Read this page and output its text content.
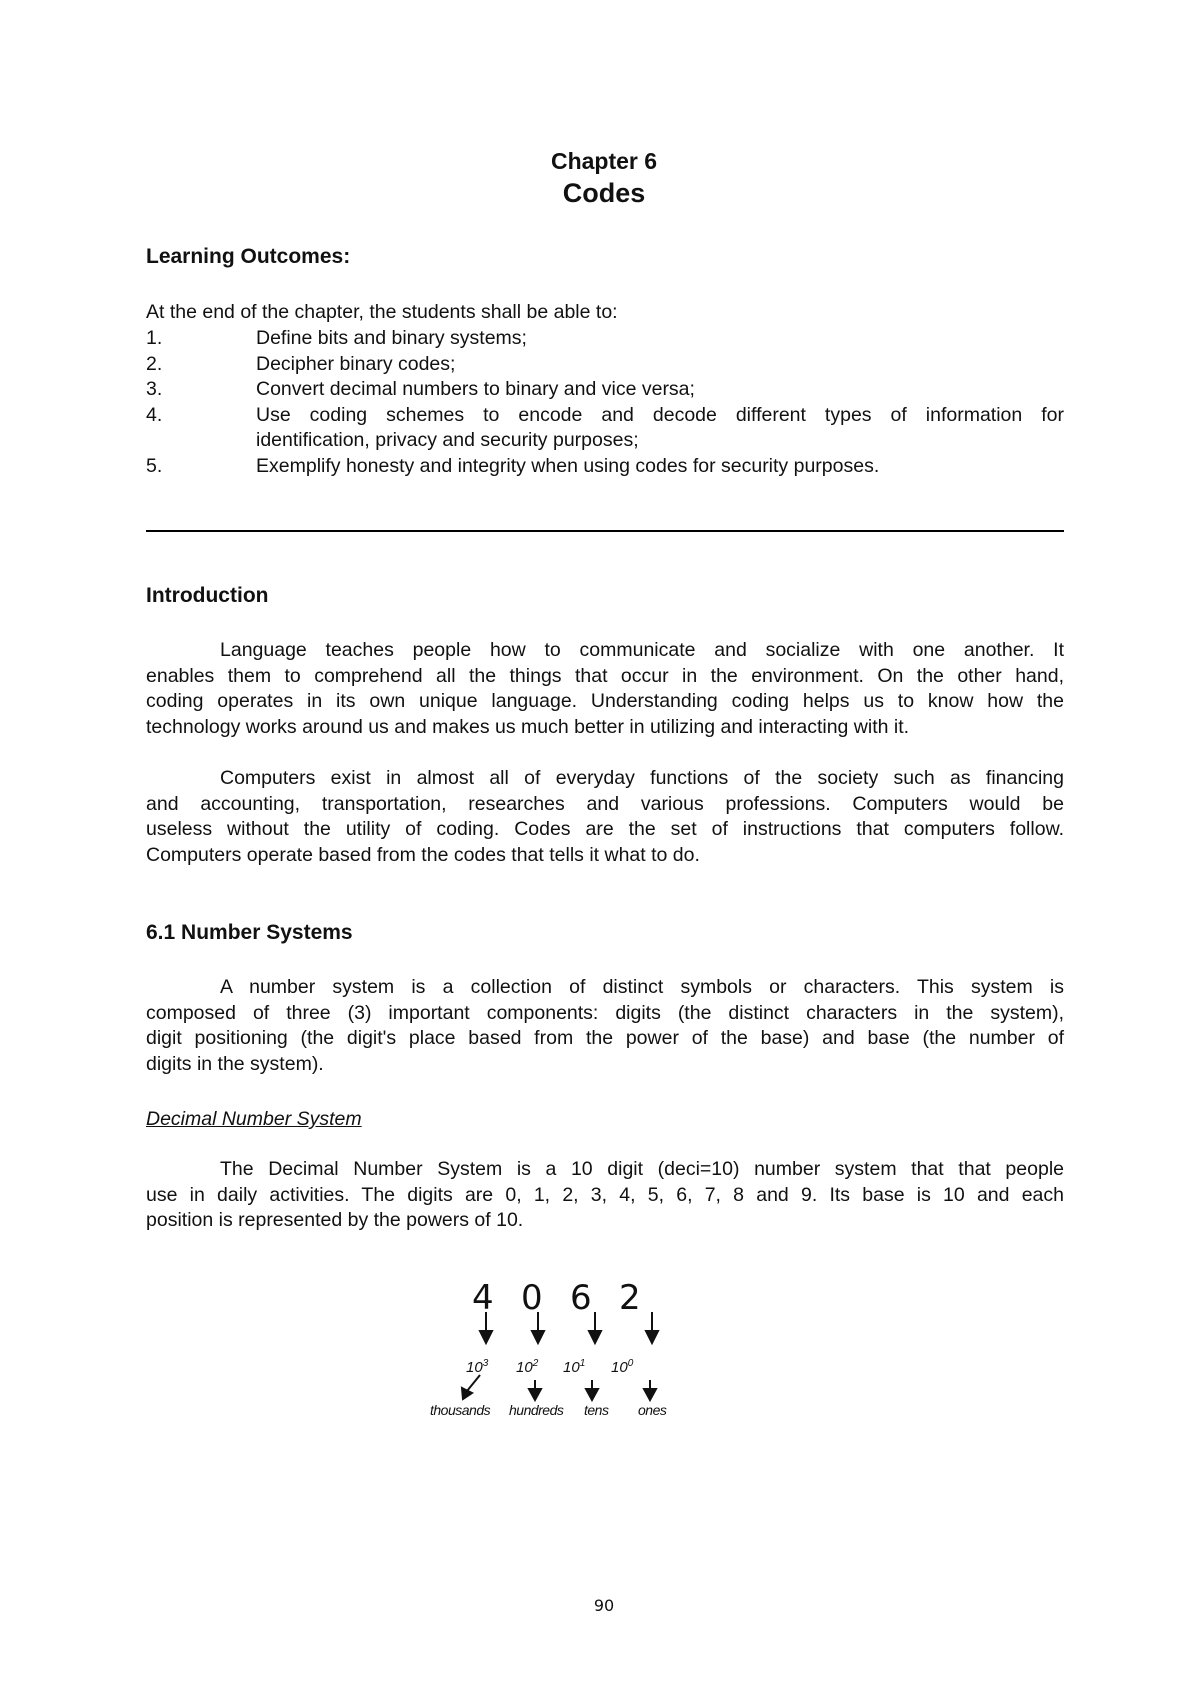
Chapter 6
Codes
Learning Outcomes:
At the end of the chapter, the students shall be able to:
1.	Define bits and binary systems;
2.	Decipher binary codes;
3.	Convert decimal numbers to binary and vice versa;
4.	Use coding schemes to encode and decode different types of information for
identification, privacy and security purposes;
5.	Exemplify honesty and integrity when using codes for security purposes.
Introduction
Language teaches people how to communicate and socialize with one another. It
enables them to comprehend all the things that occur in the environment. On the other hand,
coding operates in its own unique language. Understanding coding helps us to know how the
technology works around us and makes us much better in utilizing and interacting with it.
Computers exist in almost all of everyday functions of the society such as financing
and accounting, transportation, researches and various professions. Computers would be
useless without the utility of coding. Codes are the set of instructions that computers follow.
Computers operate based from the codes that tells it what to do.
6.1 Number Systems
A number system is a collection of distinct symbols or characters. This system is
composed of three (3) important components: digits (the distinct characters in the system),
digit positioning (the digit's place based from the power of the base) and base (the number of
digits in the system).
Decimal Number System
The Decimal Number System is a 10 digit (deci=10) number system that that people
use in daily activities. The digits are 0, 1, 2, 3, 4, 5, 6, 7, 8 and 9. Its base is 10 and each
position is represented by the powers of 10.
4 0 6 2
$10^3$ $10^2$ $10^1$ $10^0$
thousands hundreds tens ones
90
